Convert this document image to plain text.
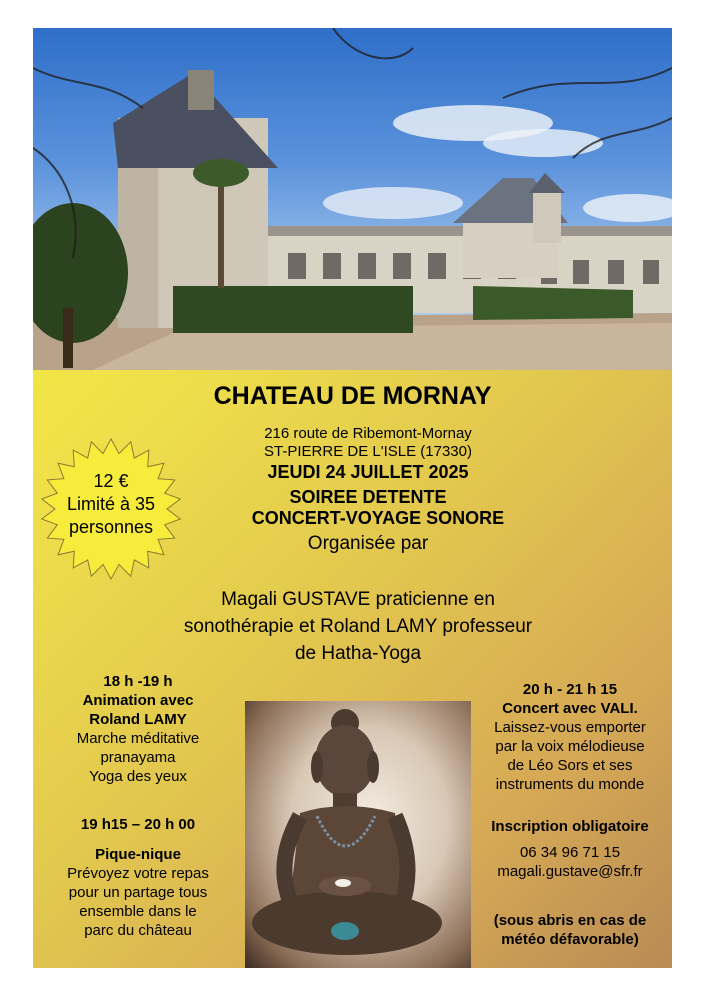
CHATEAU DE MORNAY
216 route de Ribemont-Mornay
ST-PIERRE DE L'ISLE (17330)
JEUDI 24 JUILLET 2025
SOIREE DETENTE
CONCERT-VOYAGE SONORE
Organisée par
Magali GUSTAVE praticienne en
sonothérapie et Roland LAMY professeur
de Hatha-Yoga
12 €
Limité à 35
personnes
18 h -19 h
Animation avec
Roland LAMY
Marche méditative
pranayama
Yoga des yeux
19 h15 – 20 h 00
Pique-nique
Prévoyez votre repas
pour un partage tous
ensemble dans le
parc du château
20 h - 21 h 15
Concert avec VALI.
Laissez-vous emporter
par la voix mélodieuse
de Léo Sors et ses
instruments du monde
Inscription obligatoire
06 34 96 71 15
magali.gustave@sfr.fr
(sous abris en cas de
météo défavorable)
